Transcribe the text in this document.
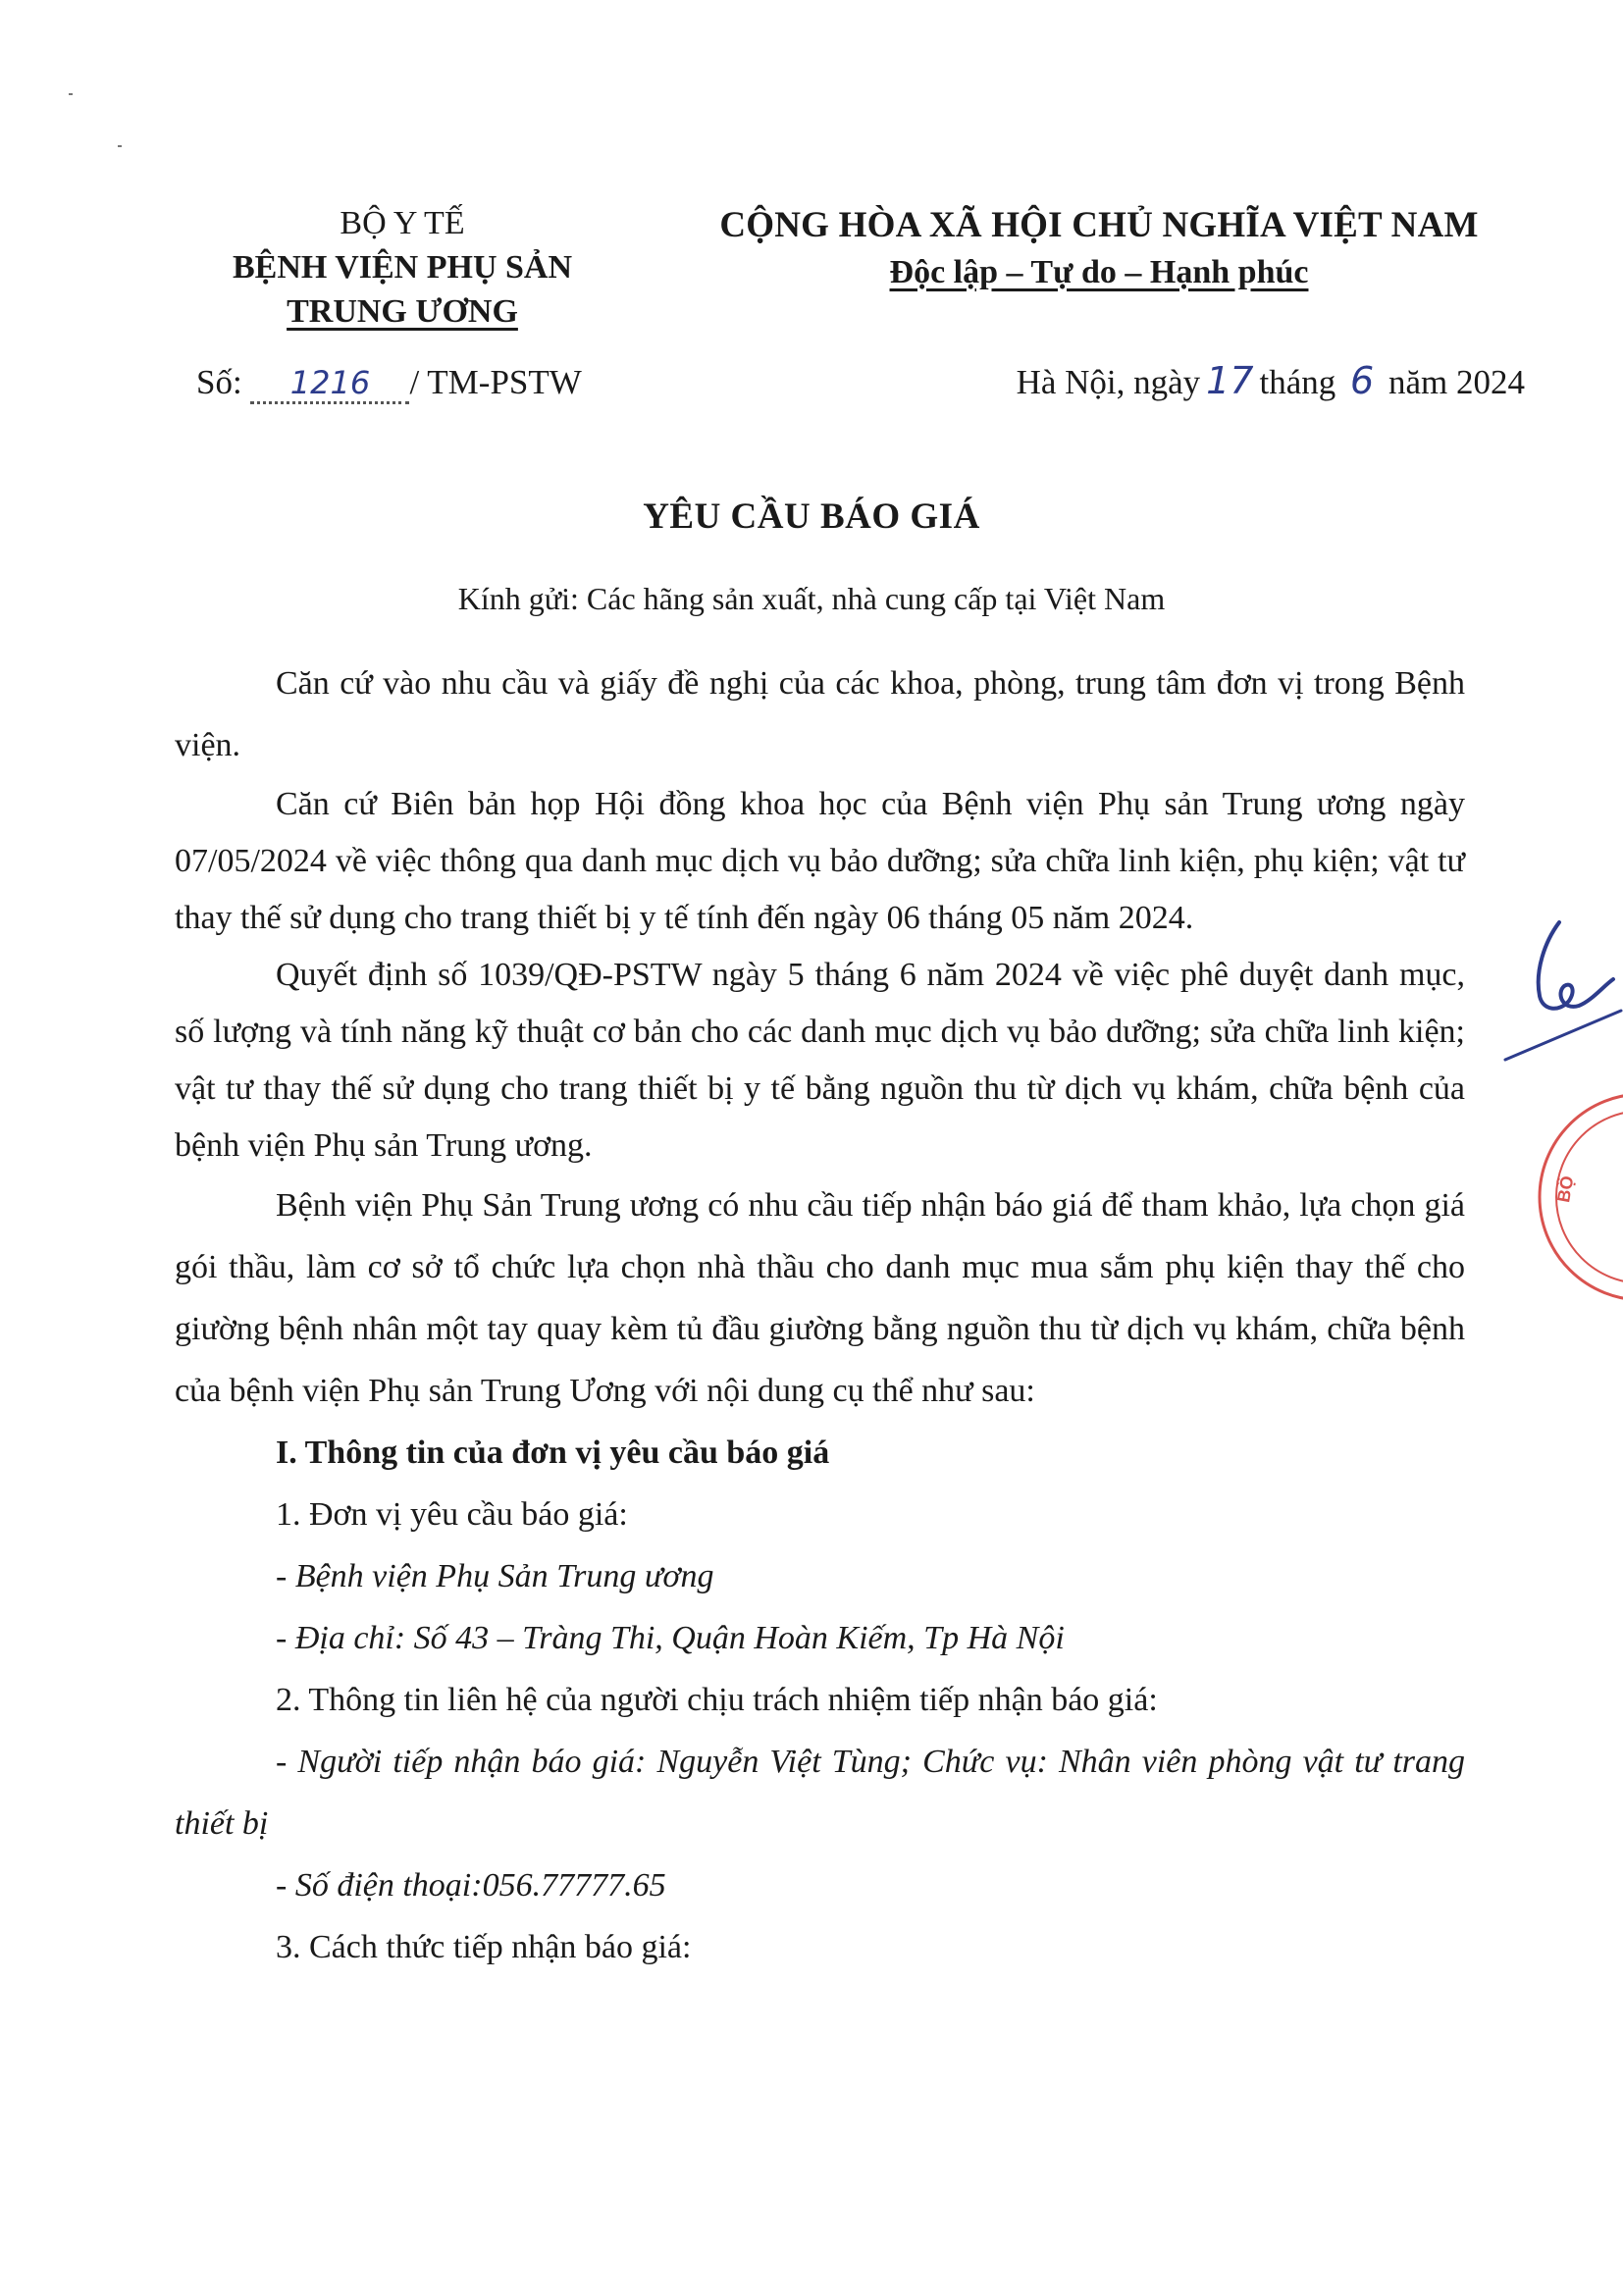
BỘ Y TẾ
BỆNH VIỆN PHỤ SẢN
TRUNG ƯƠNG
CỘNG HÒA XÃ HỘI CHỦ NGHĨA VIỆT NAM
Độc lập – Tự do – Hạnh phúc
Số: 1216 / TM-PSTW	Hà Nội, ngày 17 tháng 6 năm 2024
YÊU CẦU BÁO GIÁ
Kính gửi: Các hãng sản xuất, nhà cung cấp tại Việt Nam

Căn cứ vào nhu cầu và giấy đề nghị của các khoa, phòng, trung tâm đơn vị trong Bệnh viện.

Căn cứ Biên bản họp Hội đồng khoa học của Bệnh viện Phụ sản Trung ương ngày 07/05/2024 về việc thông qua danh mục dịch vụ bảo dưỡng; sửa chữa linh kiện, phụ kiện; vật tư thay thế sử dụng cho trang thiết bị y tế tính đến ngày 06 tháng 05 năm 2024.

Quyết định số 1039/QĐ-PSTW ngày 5 tháng 6 năm 2024 về việc phê duyệt danh mục, số lượng và tính năng kỹ thuật cơ bản cho các danh mục dịch vụ bảo dưỡng; sửa chữa linh kiện; vật tư thay thế sử dụng cho trang thiết bị y tế bằng nguồn thu từ dịch vụ khám, chữa bệnh của bệnh viện Phụ sản Trung ương.

Bệnh viện Phụ Sản Trung ương có nhu cầu tiếp nhận báo giá để tham khảo, lựa chọn giá gói thầu, làm cơ sở tổ chức lựa chọn nhà thầu cho danh mục mua sắm phụ kiện thay thế cho giường bệnh nhân một tay quay kèm tủ đầu giường bằng nguồn thu từ dịch vụ khám, chữa bệnh của bệnh viện Phụ sản Trung Ương với nội dung cụ thể như sau:

I. Thông tin của đơn vị yêu cầu báo giá

1. Đơn vị yêu cầu báo giá:

- Bệnh viện Phụ Sản Trung ương

- Địa chỉ: Số 43 – Tràng Thi, Quận Hoàn Kiếm, Tp Hà Nội

2. Thông tin liên hệ của người chịu trách nhiệm tiếp nhận báo giá:

- Người tiếp nhận báo giá: Nguyễn Việt Tùng; Chức vụ: Nhân viên phòng vật tư trang thiết bị

- Số điện thoại:056.77777.65

3. Cách thức tiếp nhận báo giá:

BỘ
